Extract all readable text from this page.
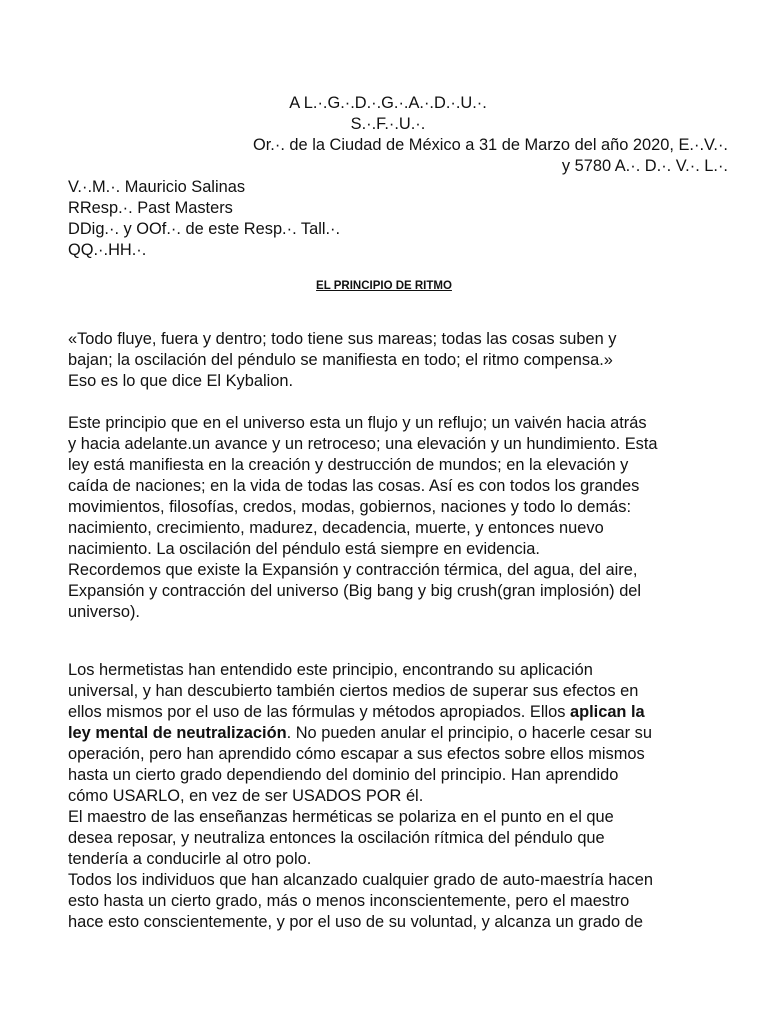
A L.·.G.·.D.·.G.·.A.·.D.·.U.·.
S.·.F.·.U.·.
Or.·. de la Ciudad de México a 31 de Marzo del año 2020, E.·.V.·.
y 5780 A.·. D.·. V.·. L.·.
V.·.M.·. Mauricio Salinas
RResp.·. Past Masters
DDig.·. y OOf.·. de este Resp.·. Tall.·.
QQ.·.HH.·.
EL PRINCIPIO DE RITMO
«Todo fluye, fuera y dentro; todo tiene sus mareas; todas las cosas suben y
bajan; la oscilación del péndulo se manifiesta en todo; el ritmo compensa.»
Eso es lo que dice El Kybalion.
Este principio que en el universo esta un flujo y un reflujo; un vaivén hacia atrás
y hacia adelante.un avance y un retroceso; una elevación y un hundimiento. Esta
ley está manifiesta en la creación y destrucción de mundos; en la elevación y
caída de naciones; en la vida de todas las cosas. Así es con todos los grandes
movimientos, filosofías, credos, modas, gobiernos, naciones y todo lo demás:
nacimiento, crecimiento, madurez, decadencia, muerte, y entonces nuevo
nacimiento. La oscilación del péndulo está siempre en evidencia.
Recordemos que existe la Expansión y contracción térmica, del agua, del aire,
Expansión y contracción del universo (Big bang y big crush(gran implosión) del
universo).
Los hermetistas han entendido este principio, encontrando su aplicación
universal, y han descubierto también ciertos medios de superar sus efectos en
ellos mismos por el uso de las fórmulas y métodos apropiados. Ellos aplican la
ley mental de neutralización. No pueden anular el principio, o hacerle cesar su
operación, pero han aprendido cómo escapar a sus efectos sobre ellos mismos
hasta un cierto grado dependiendo del dominio del principio. Han aprendido
cómo USARLO, en vez de ser USADOS POR él.
El maestro de las enseñanzas herméticas se polariza en el punto en el que
desea reposar, y neutraliza entonces la oscilación rítmica del péndulo que
tendería a conducirle al otro polo.
Todos los individuos que han alcanzado cualquier grado de auto-maestría hacen
esto hasta un cierto grado, más o menos inconscientemente, pero el maestro
hace esto conscientemente, y por el uso de su voluntad, y alcanza un grado de
